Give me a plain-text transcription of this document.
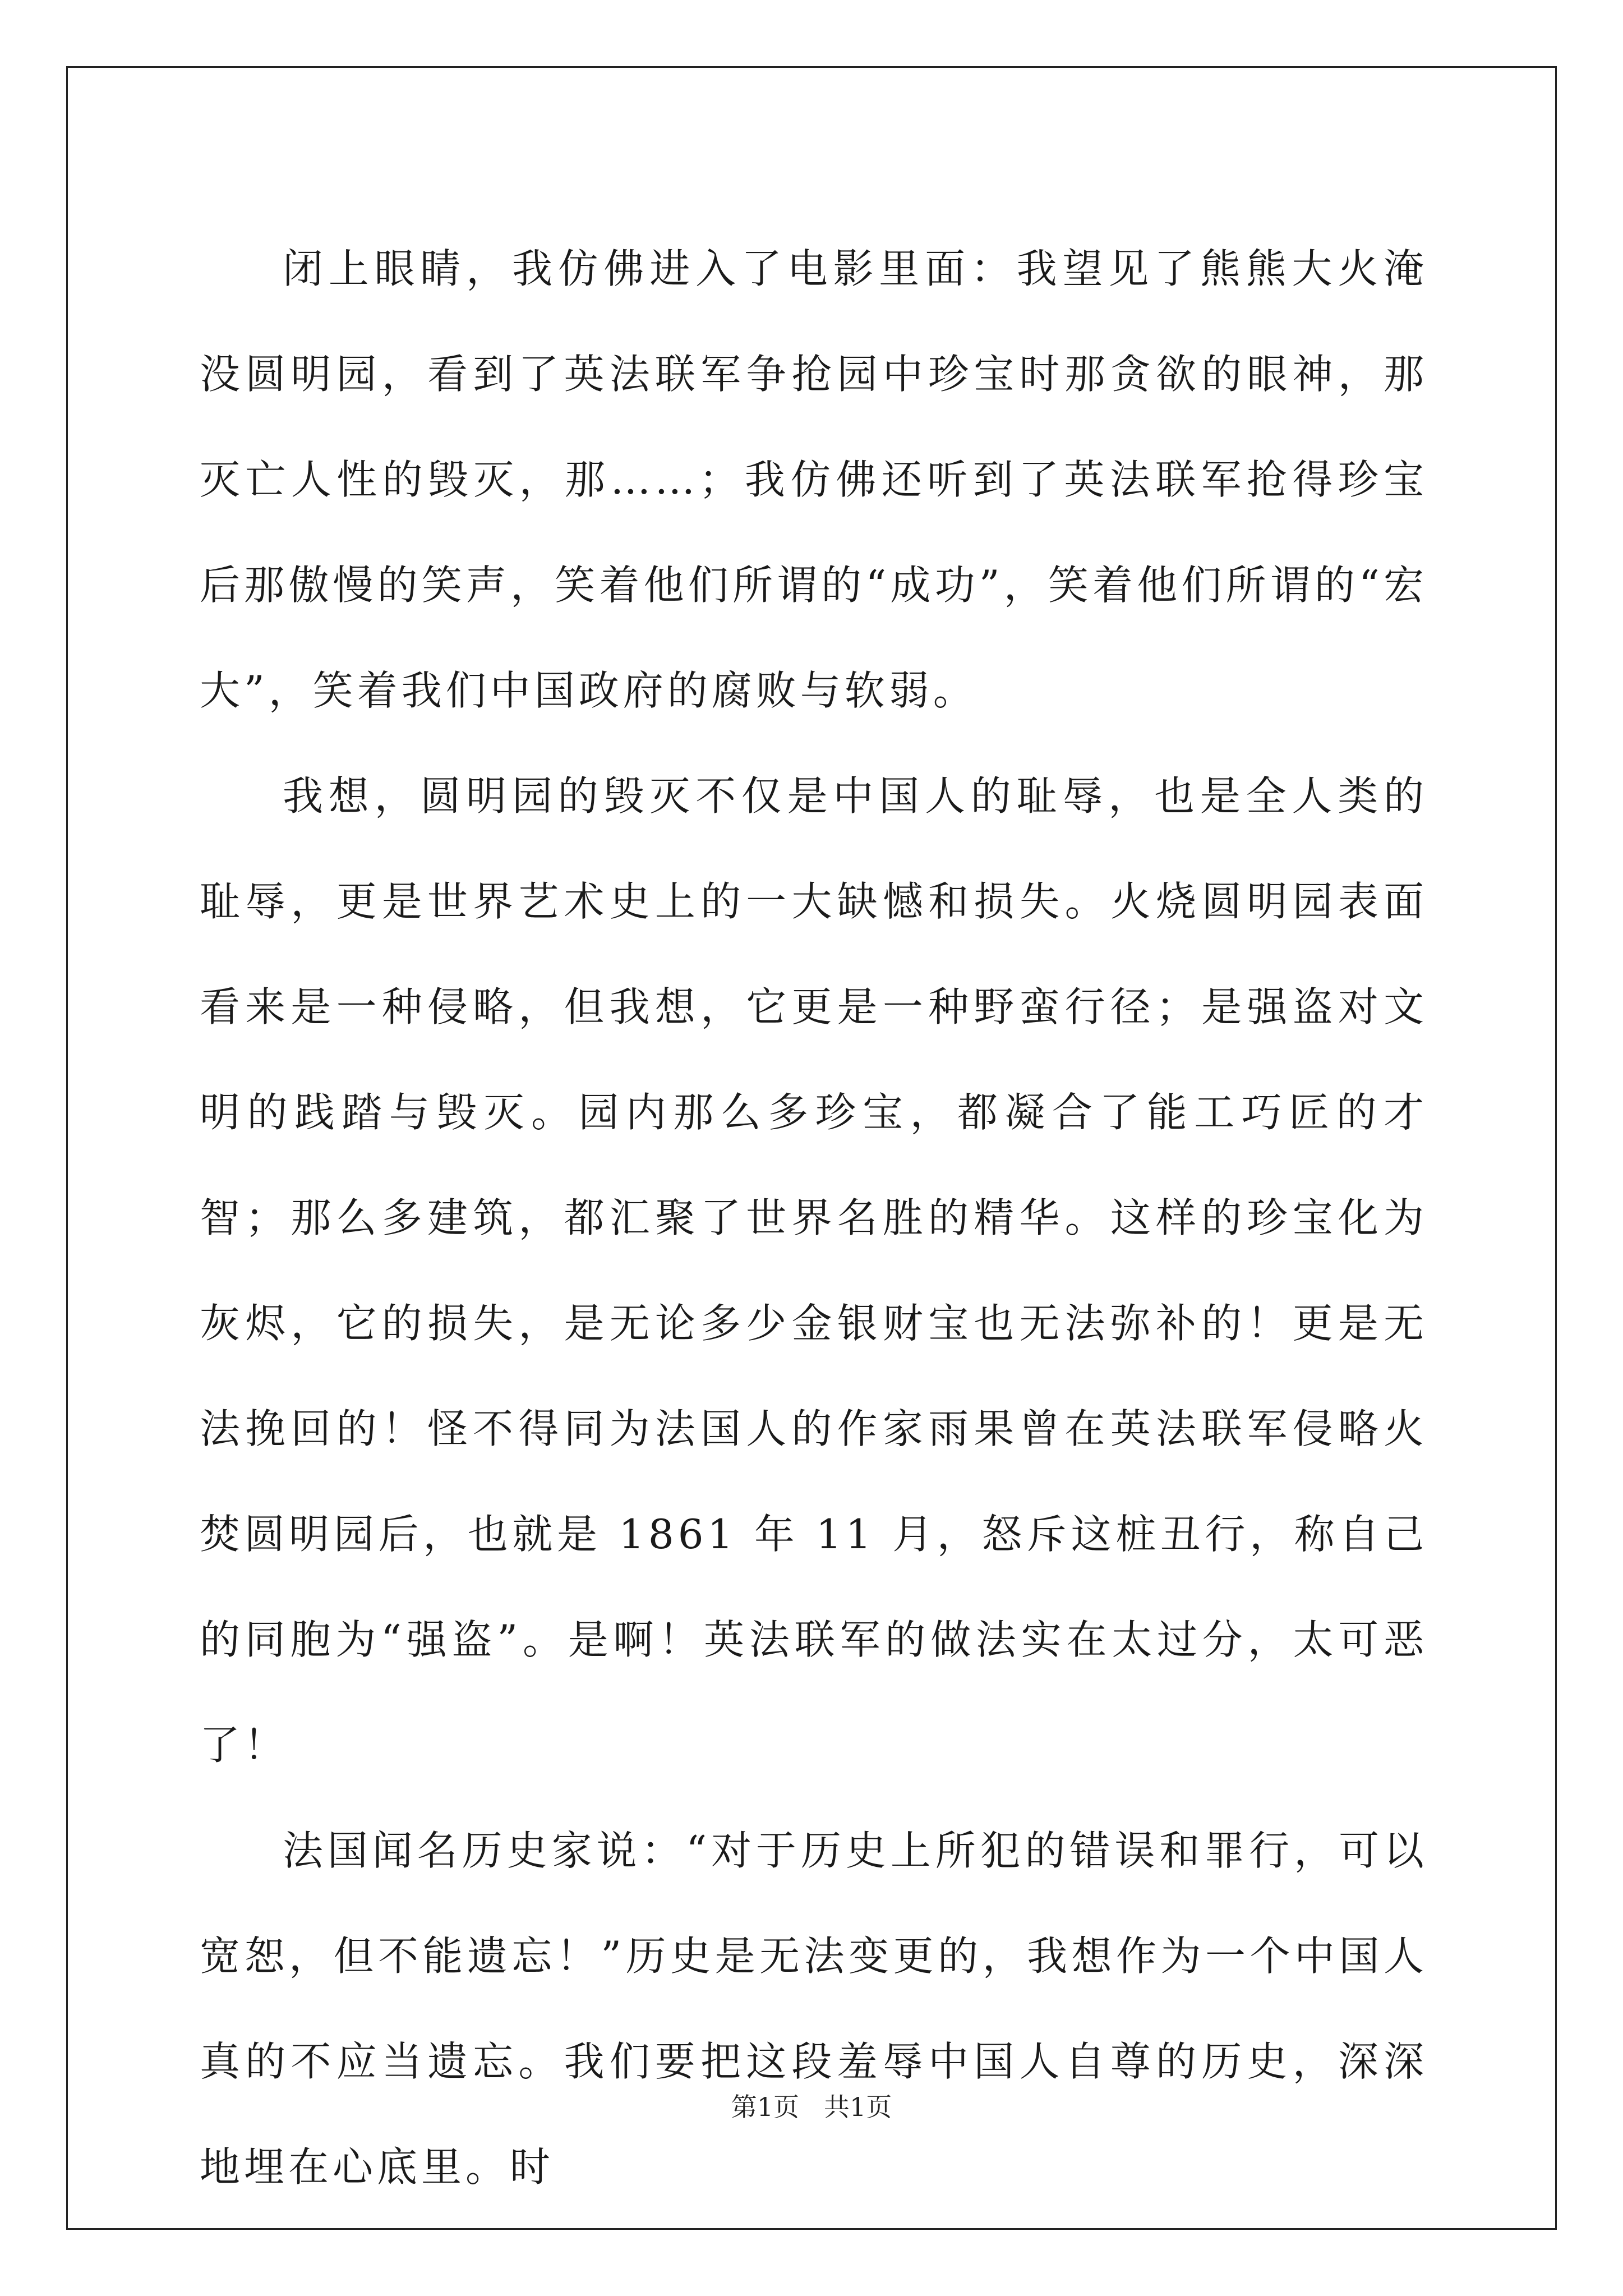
闭上眼睛，我仿佛进入了电影里面：我望见了熊熊大火淹没圆明园，看到了英法联军争抢园中珍宝时那贪欲的眼神，那灭亡人性的毁灭，那……；我仿佛还听到了英法联军抢得珍宝后那傲慢的笑声，笑着他们所谓的“成功”，笑着他们所谓的“宏大”，笑着我们中国政府的腐败与软弱。

我想，圆明园的毁灭不仅是中国人的耻辱，也是全人类的耻辱，更是世界艺术史上的一大缺憾和损失。火烧圆明园表面看来是一种侵略，但我想，它更是一种野蛮行径；是强盗对文明的践踏与毁灭。园内那么多珍宝，都凝合了能工巧匠的才智；那么多建筑，都汇聚了世界名胜的精华。这样的珍宝化为灰烬，它的损失，是无论多少金银财宝也无法弥补的！更是无法挽回的！怪不得同为法国人的作家雨果曾在英法联军侵略火焚圆明园后，也就是 1861 年 11 月，怒斥这桩丑行，称自己的同胞为“强盗”。是啊！英法联军的做法实在太过分，太可恶了！

法国闻名历史家说：“对于历史上所犯的错误和罪行，可以宽恕，但不能遗忘！”历史是无法变更的，我想作为一个中国人真的不应当遗忘。我们要把这段羞辱中国人自尊的历史，深深地埋在心底里。时

第1页 共1页
